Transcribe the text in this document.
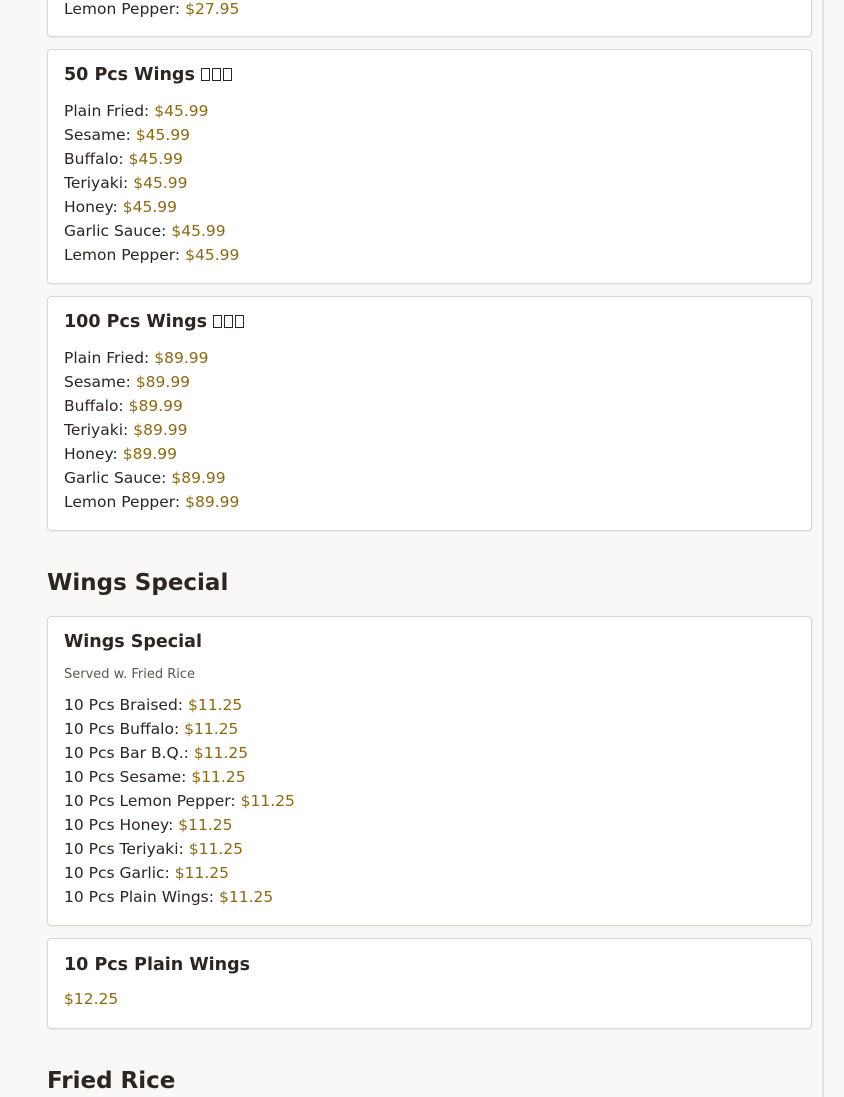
Lemon Pepper: $27.95
50 Pcs Wings
Plain Fried: $45.99
Sesame: $45.99
Buffalo: $45.99
Teriyaki: $45.99
Honey: $45.99
Garlic Sauce: $45.99
Lemon Pepper: $45.99
100 Pcs Wings
Plain Fried: $89.99
Sesame: $89.99
Buffalo: $89.99
Teriyaki: $89.99
Honey: $89.99
Garlic Sauce: $89.99
Lemon Pepper: $89.99
Wings Special
Wings Special
Served w. Fried Rice
10 Pcs Braised: $11.25
10 Pcs Buffalo: $11.25
10 Pcs Bar B.Q.: $11.25
10 Pcs Sesame: $11.25
10 Pcs Lemon Pepper: $11.25
10 Pcs Honey: $11.25
10 Pcs Teriyaki: $11.25
10 Pcs Garlic: $11.25
10 Pcs Plain Wings: $11.25
10 Pcs Plain Wings
$12.25
Fried Rice
